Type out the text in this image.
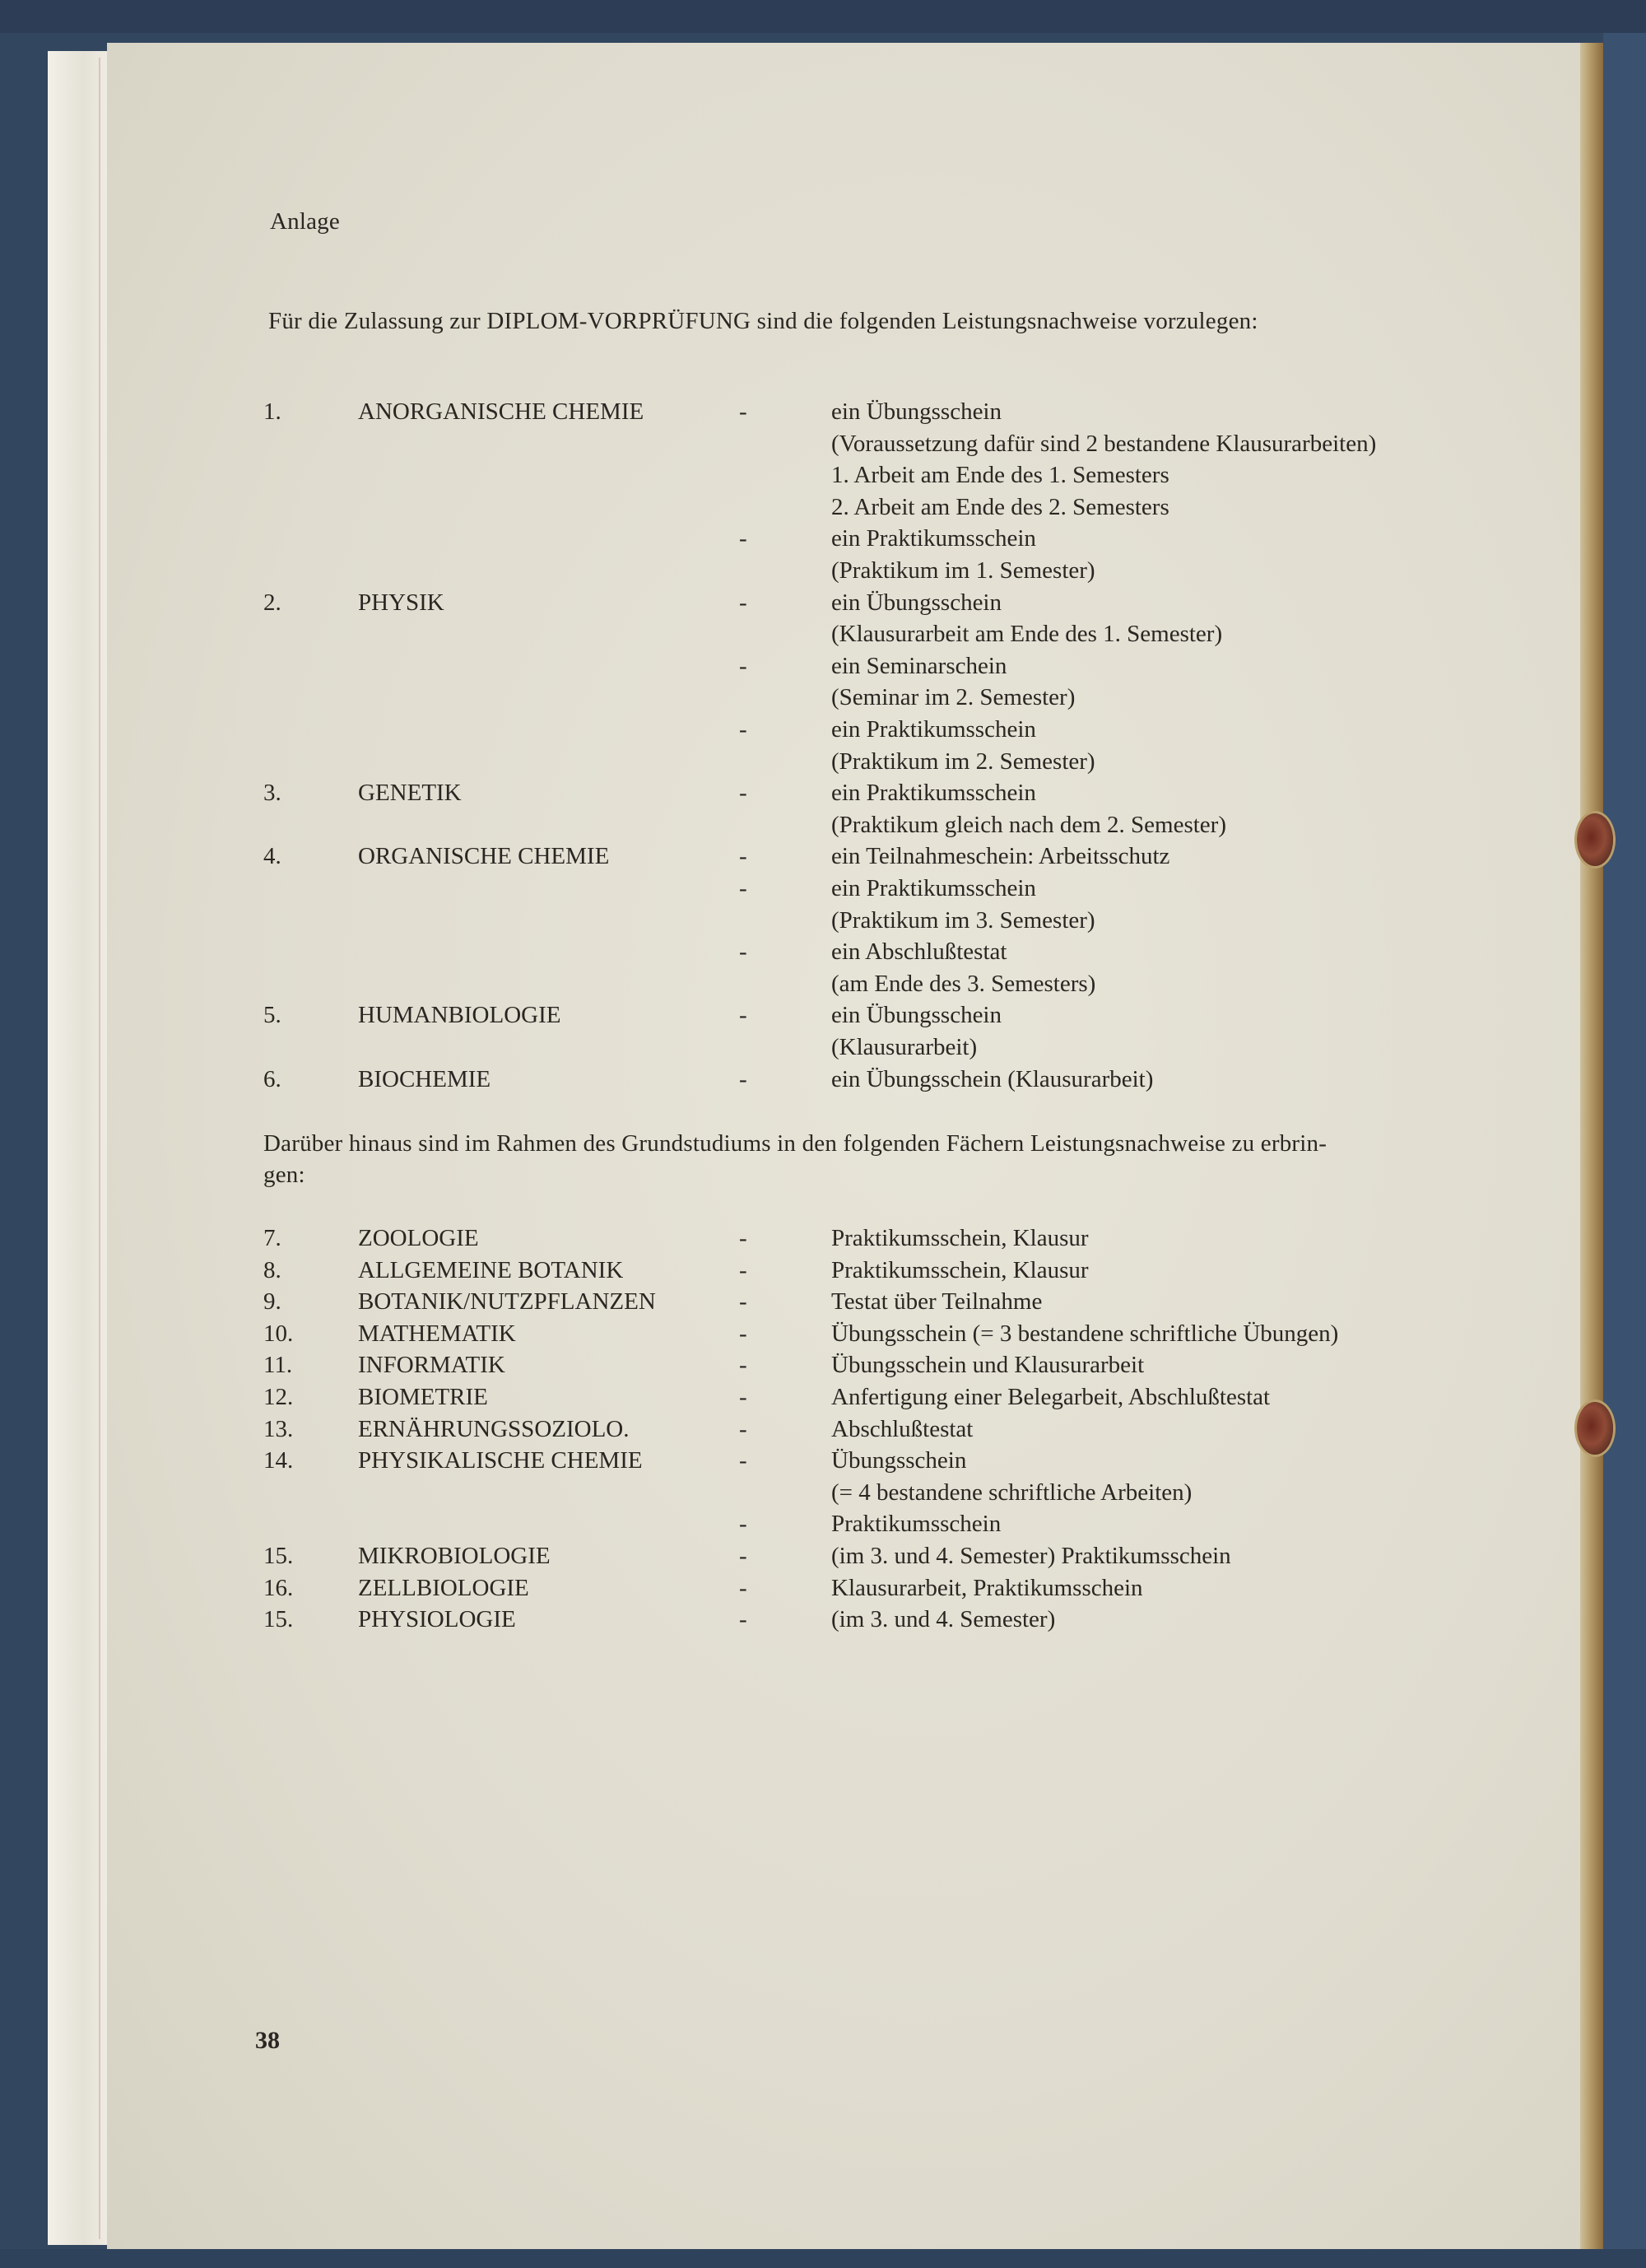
Anlage
Für die Zulassung zur DIPLOM-VORPRÜFUNG sind die folgenden Leistungsnachweise vorzulegen:
1.	ANORGANISCHE CHEMIE	-	ein Übungsschein
(Voraussetzung dafür sind 2 bestandene Klausurarbeiten)
1. Arbeit am Ende des 1. Semesters
2. Arbeit am Ende des 2. Semesters
-	ein Praktikumsschein
(Praktikum im 1. Semester)
2.	PHYSIK	-	ein Übungsschein
(Klausurarbeit am Ende des 1. Semester)
-	ein Seminarschein
(Seminar im 2. Semester)
-	ein Praktikumsschein
(Praktikum im 2. Semester)
3.	GENETIK	-	ein Praktikumsschein
(Praktikum gleich nach dem 2. Semester)
4.	ORGANISCHE CHEMIE	-	ein Teilnahmeschein: Arbeitsschutz
-	ein Praktikumsschein
(Praktikum im 3. Semester)
-	ein Abschlußtestat
(am Ende des 3. Semesters)
5.	HUMANBIOLOGIE	-	ein Übungsschein
(Klausurarbeit)
6.	BIOCHEMIE	-	ein Übungsschein (Klausurarbeit)
Darüber hinaus sind im Rahmen des Grundstudiums in den folgenden Fächern Leistungsnachweise zu erbrin-
gen:
7.	ZOOLOGIE	-	Praktikumsschein, Klausur
8.	ALLGEMEINE BOTANIK	-	Praktikumsschein, Klausur
9.	BOTANIK/NUTZPFLANZEN	-	Testat über Teilnahme
10.	MATHEMATIK	-	Übungsschein (= 3 bestandene schriftliche Übungen)
11.	INFORMATIK	-	Übungsschein und Klausurarbeit
12.	BIOMETRIE	-	Anfertigung einer Belegarbeit, Abschlußtestat
13.	ERNÄHRUNGSSOZIOLO.	-	Abschlußtestat
14.	PHYSIKALISCHE CHEMIE	-	Übungsschein
(= 4 bestandene schriftliche Arbeiten)
-	Praktikumsschein
15.	MIKROBIOLOGIE	-	(im 3. und 4. Semester) Praktikumsschein
16.	ZELLBIOLOGIE	-	Klausurarbeit, Praktikumsschein
15.	PHYSIOLOGIE	-	(im 3. und 4. Semester)
38
